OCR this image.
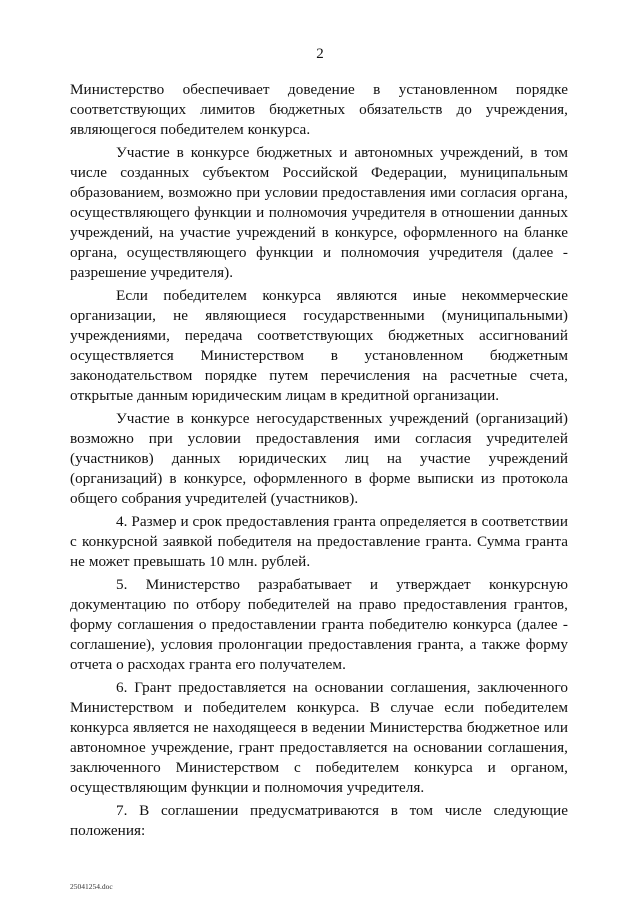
2

Министерство обеспечивает доведение в установленном порядке соответствующих лимитов бюджетных обязательств до учреждения, являющегося победителем конкурса.

Участие в конкурсе бюджетных и автономных учреждений, в том числе созданных субъектом Российской Федерации, муниципальным образованием, возможно при условии предоставления ими согласия органа, осуществляющего функции и полномочия учредителя в отношении данных учреждений, на участие учреждений в конкурсе, оформленного на бланке органа, осуществляющего функции и полномочия учредителя (далее - разрешение учредителя).

Если победителем конкурса являются иные некоммерческие организации, не являющиеся государственными (муниципальными) учреждениями, передача соответствующих бюджетных ассигнований осуществляется Министерством в установленном бюджетным законодательством порядке путем перечисления на расчетные счета, открытые данным юридическим лицам в кредитной организации.

Участие в конкурсе негосударственных учреждений (организаций) возможно при условии предоставления ими согласия учредителей (участников) данных юридических лиц на участие учреждений (организаций) в конкурсе, оформленного в форме выписки из протокола общего собрания учредителей (участников).

4. Размер и срок предоставления гранта определяется в соответствии с конкурсной заявкой победителя на предоставление гранта. Сумма гранта не может превышать 10 млн. рублей.

5. Министерство разрабатывает и утверждает конкурсную документацию по отбору победителей на право предоставления грантов, форму соглашения о предоставлении гранта победителю конкурса (далее - соглашение), условия пролонгации предоставления гранта, а также форму отчета о расходах гранта его получателем.

6. Грант предоставляется на основании соглашения, заключенного Министерством и победителем конкурса. В случае если победителем конкурса является не находящееся в ведении Министерства бюджетное или автономное учреждение, грант предоставляется на основании соглашения, заключенного Министерством с победителем конкурса и органом, осуществляющим функции и полномочия учредителя.

7. В соглашении предусматриваются в том числе следующие положения:

25041254.doc
